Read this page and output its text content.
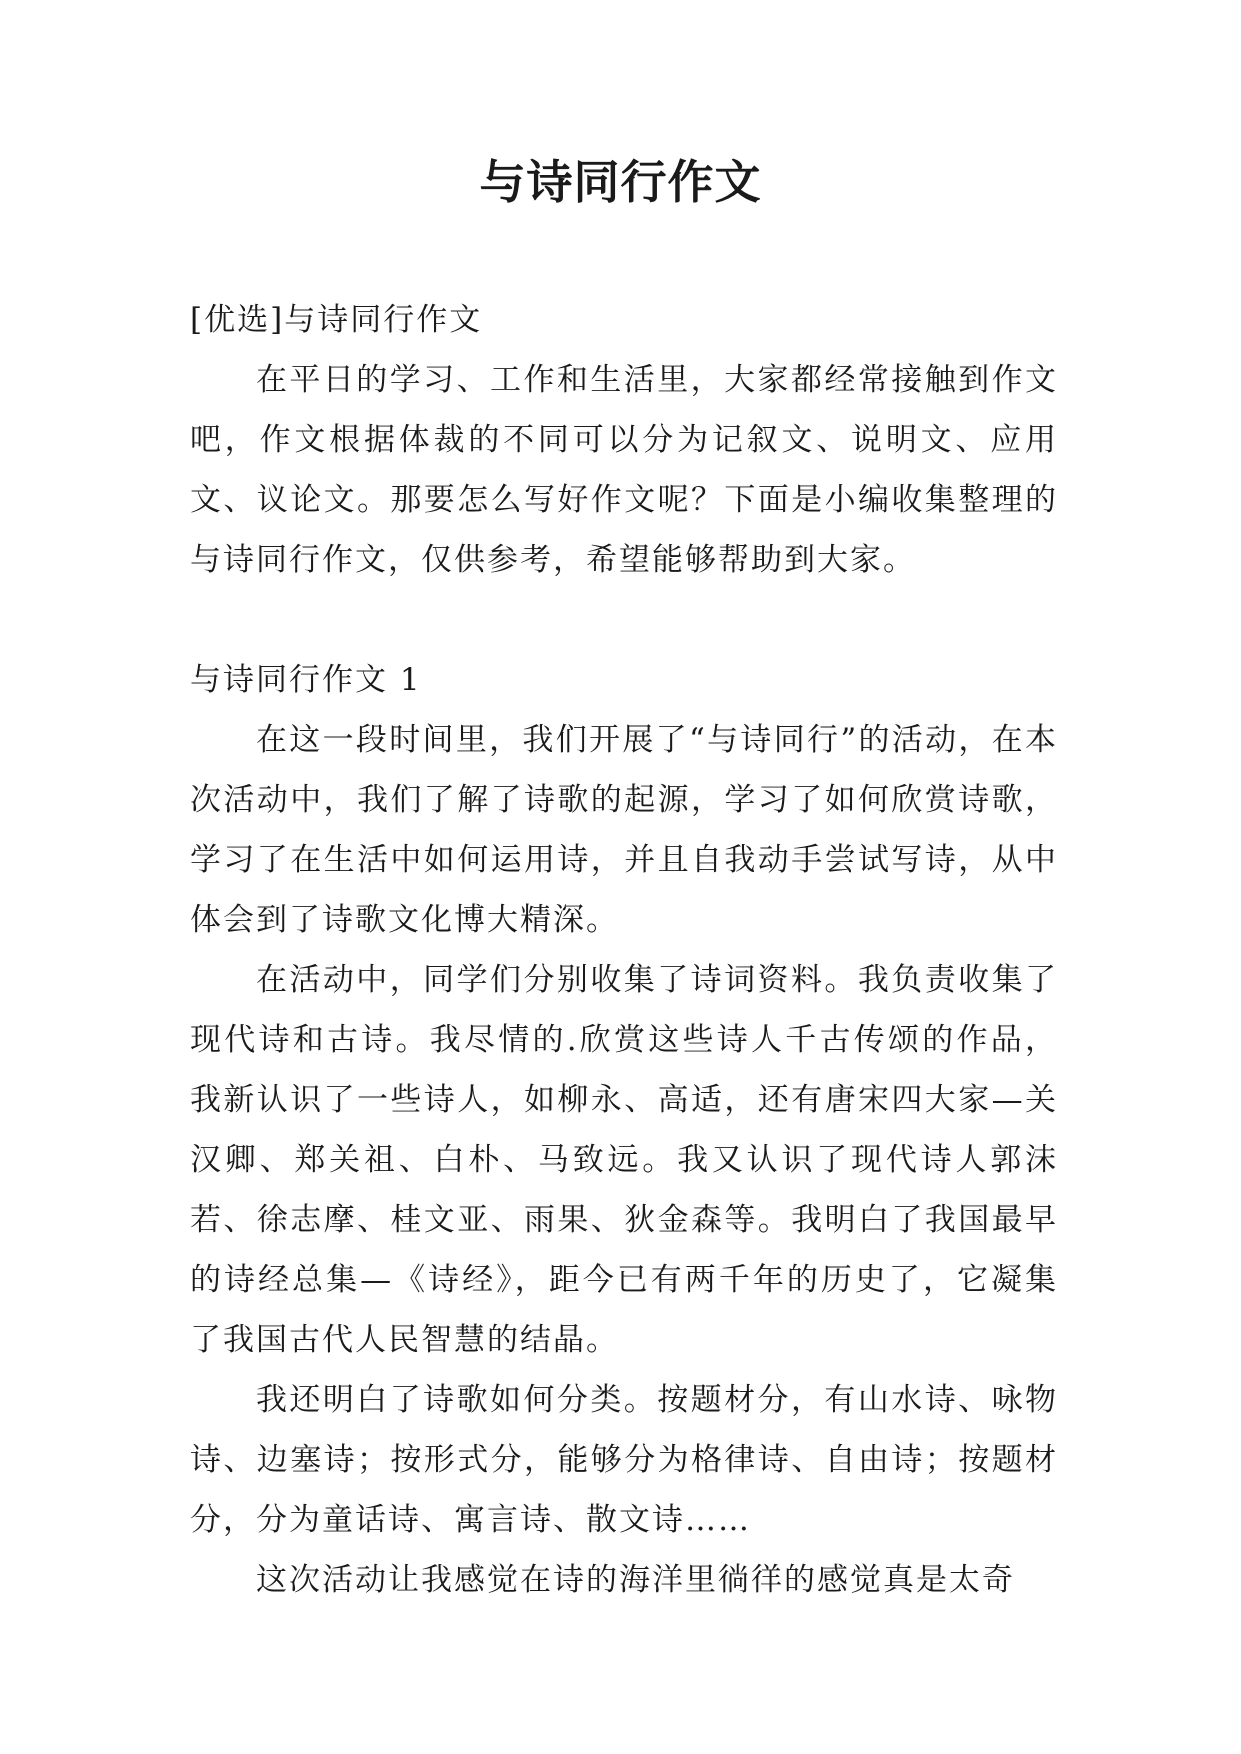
与诗同行作文

[优选]与诗同行作文

在平日的学习、工作和生活里，大家都经常接触到作文吧，作文根据体裁的不同可以分为记叙文、说明文、应用文、议论文。那要怎么写好作文呢？下面是小编收集整理的与诗同行作文，仅供参考，希望能够帮助到大家。

与诗同行作文 1

在这一段时间里，我们开展了“与诗同行”的活动，在本次活动中，我们了解了诗歌的起源，学习了如何欣赏诗歌，学习了在生活中如何运用诗，并且自我动手尝试写诗，从中体会到了诗歌文化博大精深。

在活动中，同学们分别收集了诗词资料。我负责收集了现代诗和古诗。我尽情的.欣赏这些诗人千古传颂的作品，我新认识了一些诗人，如柳永、高适，还有唐宋四大家—关汉卿、郑关祖、白朴、马致远。我又认识了现代诗人郭沫若、徐志摩、桂文亚、雨果、狄金森等。我明白了我国最早的诗经总集—《诗经》，距今已有两千年的历史了，它凝集了我国古代人民智慧的结晶。

我还明白了诗歌如何分类。按题材分，有山水诗、咏物诗、边塞诗；按形式分，能够分为格律诗、自由诗；按题材分，分为童话诗、寓言诗、散文诗……

这次活动让我感觉在诗的海洋里徜徉的感觉真是太奇
